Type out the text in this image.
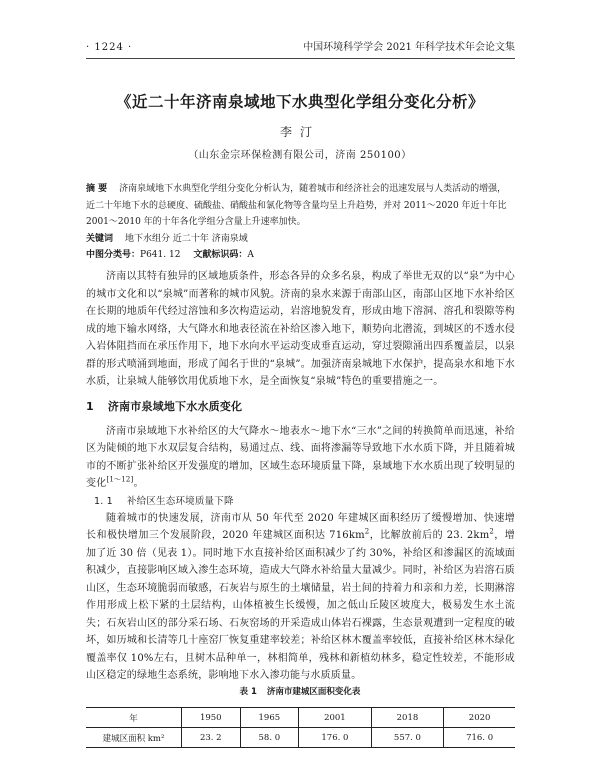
· 1224 ·	中国环境科学学会 2021 年科学技术年会论文集
《近二十年济南泉域地下水典型化学组分变化分析》
李汀
（山东金宗环保检测有限公司，济南 250100）

摘 要 济南泉域地下水典型化学组分变化分析认为，随着城市和经济社会的迅速发展与人类活动的增强，近二十年地下水的总硬度、硫酸盐、硝酸盐和氯化物等含量均呈上升趋势，并对 2011～2020 年近十年比 2001～2010 年的十年各化学组分含量上升速率加快。

关键词 地下水组分 近二十年 济南泉域

中图分类号：P641. 12 文献标识码：A

济南以其特有独异的区域地质条件，形态各异的众多名泉，构成了举世无双的以“泉”为中心的城市文化和以“泉城”而著称的城市风貌。济南的泉水来源于南部山区，南部山区地下水补给区在长期的地质年代经过溶蚀和多次构造运动，岩溶地貌发育，形成由地下溶洞、溶孔和裂隙等构成的地下输水网络，大气降水和地表径流在补给区渗入地下，顺势向北潜流，到城区的不透水侵入岩体阻挡而在承压作用下，地下水向水平运动变成垂直运动，穿过裂隙涌出四系覆盖层，以泉群的形式喷涌到地面，形成了闻名于世的“泉城”。加强济南泉城地下水保护，提高泉水和地下水水质，让泉城人能够饮用优质地下水，是全面恢复“泉城”特色的重要措施之一。

1 济南市泉域地下水水质变化

济南市泉域地下水补给区的大气降水～地表水～地下水“三水”之间的转换简单而迅速，补给区为陡倾的地下水双层复合结构，易通过点、线、面将渗漏等导致地下水水质下降，并且随着城市的不断扩张补给区开发强度的增加，区域生态环境质量下降，泉域地下水水质出现了较明显的变化[1～12]。

1. 1 补给区生态环境质量下降

随着城市的快速发展，济南市从 50 年代至 2020 年建城区面积经历了缓慢增加、快速增长和极快增加三个发展阶段，2020 年建城区面积达 $716km^2$，比解放前后的 23. $2km^2$，增加了近 30 倍（见表 1）。同时地下水直接补给区面积减少了约 30%，补给区和渗漏区的流域面积减少，直接影响区域入渗生态环境，造成大气降水补给量大量减少。同时，补给区为岩溶石质山区，生态环境脆弱而敏感，石灰岩与原生的土壤储量，岩土间的持着力和亲和力差，长期淋溶作用形成上松下紧的土层结构，山体植被生长缓慢，加之低山丘陵区坡度大，极易发生水土流失；石灰岩山区的部分采石场、石灰窑场的开采造成山体岩石裸露，生态景观遭到一定程度的破坏，如历城和长清等几十座窑厂恢复重建率较差；补给区林木覆盖率较低，直接补给区林木绿化覆盖率仅 10%左右，且树木品种单一，林相简单，残林和新植幼林多，稳定性较差，不能形成山区稳定的绿地生态系统，影响地下水入渗功能与水质质量。

表 1 济南市建城区面积变化表
年	1950	1965	2001	2018	2020
建城区面积 km²	23. 2	58. 0	176. 0	557. 0	716. 0
